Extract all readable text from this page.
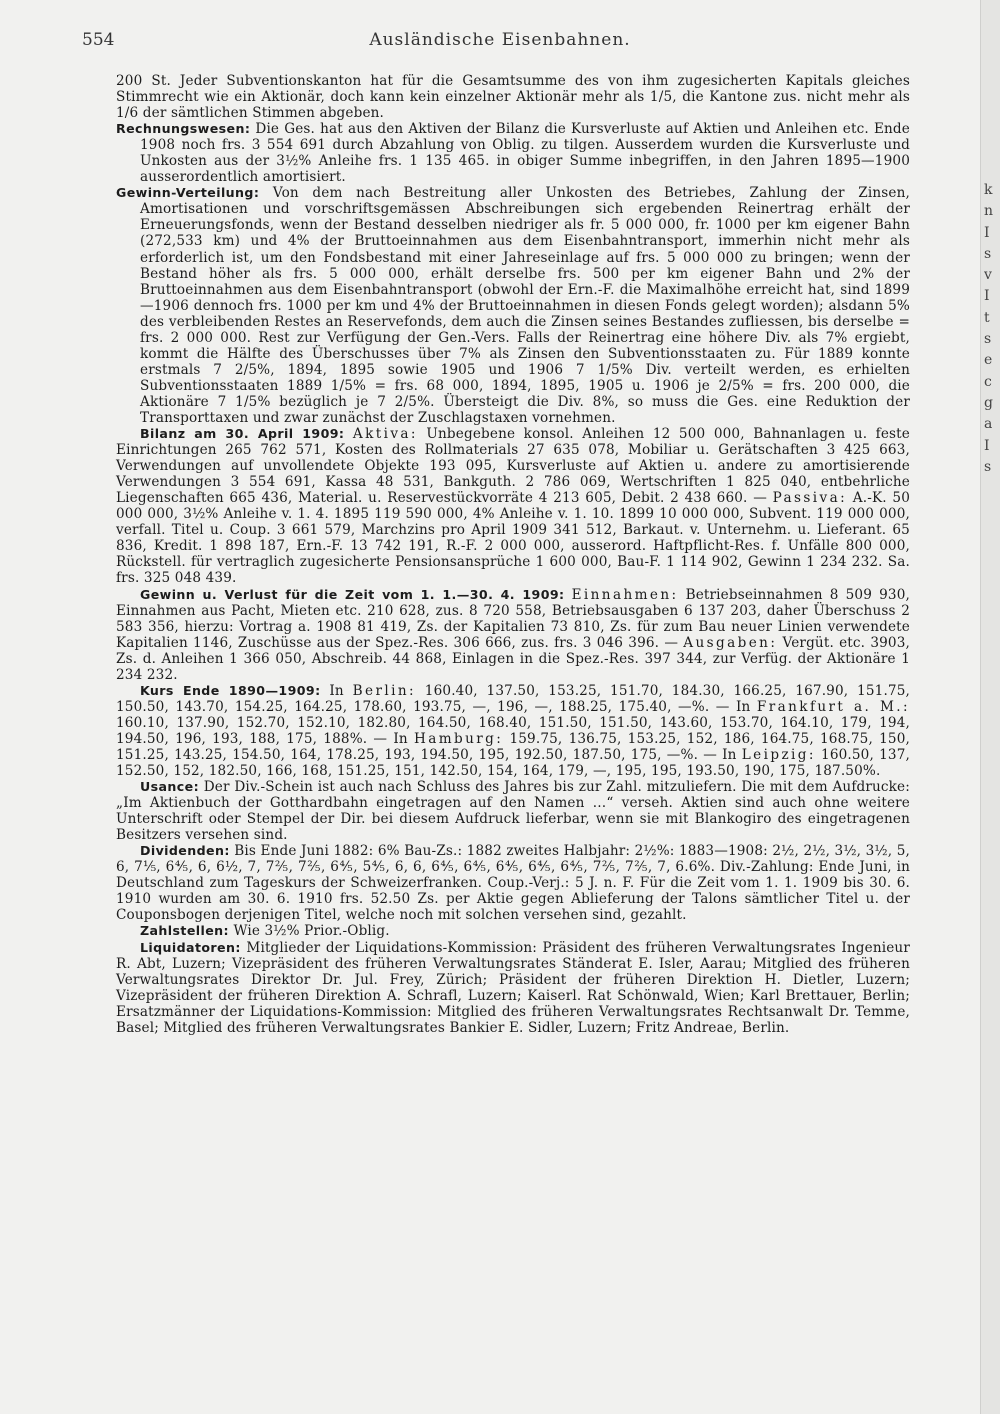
k
n
I
s
v
I
t
s
e
c
g
a
I
s
554	Ausländische Eisenbahnen.

200 St. Jeder Subventionskanton hat für die Gesamtsumme des von ihm zugesicherten Kapitals gleiches Stimmrecht wie ein Aktionär, doch kann kein einzelner Aktionär mehr als 1/5, die Kantone zus. nicht mehr als 1/6 der sämtlichen Stimmen abgeben.

Rechnungswesen: Die Ges. hat aus den Aktiven der Bilanz die Kursverluste auf Aktien und Anleihen etc. Ende 1908 noch frs. 3 554 691 durch Abzahlung von Oblig. zu tilgen. Ausserdem wurden die Kursverluste und Unkosten aus der 3½% Anleihe frs. 1 135 465. in obiger Summe inbegriffen, in den Jahren 1895—1900 ausserordentlich amortisiert.

Gewinn-Verteilung: Von dem nach Bestreitung aller Unkosten des Betriebes, Zahlung der Zinsen, Amortisationen und vorschriftsgemässen Abschreibungen sich ergebenden Reinertrag erhält der Erneuerungsfonds, wenn der Bestand desselben niedriger als fr. 5 000 000, fr. 1000 per km eigener Bahn (272,533 km) und 4% der Bruttoeinnahmen aus dem Eisenbahntransport, immerhin nicht mehr als erforderlich ist, um den Fondsbestand mit einer Jahreseinlage auf frs. 5 000 000 zu bringen; wenn der Bestand höher als frs. 5 000 000, erhält derselbe frs. 500 per km eigener Bahn und 2% der Bruttoeinnahmen aus dem Eisenbahntransport (obwohl der Ern.-F. die Maximalhöhe erreicht hat, sind 1899—1906 dennoch frs. 1000 per km und 4% der Bruttoeinnahmen in diesen Fonds gelegt worden); alsdann 5% des verbleibenden Restes an Reservefonds, dem auch die Zinsen seines Bestandes zufliessen, bis derselbe = frs. 2 000 000. Rest zur Verfügung der Gen.-Vers. Falls der Reinertrag eine höhere Div. als 7% ergiebt, kommt die Hälfte des Überschusses über 7% als Zinsen den Subventionsstaaten zu. Für 1889 konnte erstmals 7 2/5%, 1894, 1895 sowie 1905 und 1906 7 1/5% Div. verteilt werden, es erhielten Subventionsstaaten 1889 1/5% = frs. 68 000, 1894, 1895, 1905 u. 1906 je 2/5% = frs. 200 000, die Aktionäre 7 1/5% bezüglich je 7 2/5%. Übersteigt die Div. 8%, so muss die Ges. eine Reduktion der Transporttaxen und zwar zunächst der Zuschlagstaxen vornehmen.

Bilanz am 30. April 1909: Aktiva: Unbegebene konsol. Anleihen 12 500 000, Bahnanlagen u. feste Einrichtungen 265 762 571, Kosten des Rollmaterials 27 635 078, Mobiliar u. Gerätschaften 3 425 663, Verwendungen auf unvollendete Objekte 193 095, Kursverluste auf Aktien u. andere zu amortisierende Verwendungen 3 554 691, Kassa 48 531, Bankguth. 2 786 069, Wertschriften 1 825 040, entbehrliche Liegenschaften 665 436, Material. u. Reservestückvorräte 4 213 605, Debit. 2 438 660. — Passiva: A.-K. 50 000 000, 3½% Anleihe v. 1. 4. 1895 119 590 000, 4% Anleihe v. 1. 10. 1899 10 000 000, Subvent. 119 000 000, verfall. Titel u. Coup. 3 661 579, Marchzins pro April 1909 341 512, Barkaut. v. Unternehm. u. Lieferant. 65 836, Kredit. 1 898 187, Ern.-F. 13 742 191, R.-F. 2 000 000, ausserord. Haftpflicht-Res. f. Unfälle 800 000, Rückstell. für vertraglich zugesicherte Pensionsansprüche 1 600 000, Bau-F. 1 114 902, Gewinn 1 234 232. Sa. frs. 325 048 439.

Gewinn u. Verlust für die Zeit vom 1. 1.—30. 4. 1909: Einnahmen: Betriebseinnahmen 8 509 930, Einnahmen aus Pacht, Mieten etc. 210 628, zus. 8 720 558, Betriebsausgaben 6 137 203, daher Überschuss 2 583 356, hierzu: Vortrag a. 1908 81 419, Zs. der Kapitalien 73 810, Zs. für zum Bau neuer Linien verwendete Kapitalien 1146, Zuschüsse aus der Spez.-Res. 306 666, zus. frs. 3 046 396. — Ausgaben: Vergüt. etc. 3903, Zs. d. Anleihen 1 366 050, Abschreib. 44 868, Einlagen in die Spez.-Res. 397 344, zur Verfüg. der Aktionäre 1 234 232.

Kurs Ende 1890—1909: In Berlin: 160.40, 137.50, 153.25, 151.70, 184.30, 166.25, 167.90, 151.75, 150.50, 143.70, 154.25, 164.25, 178.60, 193.75, —, 196, —, 188.25, 175.40, —%. — In Frankfurt a. M.: 160.10, 137.90, 152.70, 152.10, 182.80, 164.50, 168.40, 151.50, 151.50, 143.60, 153.70, 164.10, 179, 194, 194.50, 196, 193, 188, 175, 188%. — In Hamburg: 159.75, 136.75, 153.25, 152, 186, 164.75, 168.75, 150, 151.25, 143.25, 154.50, 164, 178.25, 193, 194.50, 195, 192.50, 187.50, 175, —%. — In Leipzig: 160.50, 137, 152.50, 152, 182.50, 166, 168, 151.25, 151, 142.50, 154, 164, 179, —, 195, 195, 193.50, 190, 175, 187.50%.

Usance: Der Div.-Schein ist auch nach Schluss des Jahres bis zur Zahl. mitzuliefern. Die mit dem Aufdrucke: „Im Aktienbuch der Gotthardbahn eingetragen auf den Namen …“ verseh. Aktien sind auch ohne weitere Unterschrift oder Stempel der Dir. bei diesem Aufdruck lieferbar, wenn sie mit Blankogiro des eingetragenen Besitzers versehen sind.

Dividenden: Bis Ende Juni 1882: 6% Bau-Zs.: 1882 zweites Halbjahr: 2½%: 1883—1908: 2½, 2½, 3½, 3½, 5, 6, 7⅕, 6⅘, 6, 6½, 7, 7⅖, 7⅖, 6⅘, 5⅘, 6, 6, 6⅘, 6⅘, 6⅘, 6⅘, 6⅘, 7⅖, 7⅖, 7, 6.6%. Div.-Zahlung: Ende Juni, in Deutschland zum Tageskurs der Schweizerfranken. Coup.-Verj.: 5 J. n. F. Für die Zeit vom 1. 1. 1909 bis 30. 6. 1910 wurden am 30. 6. 1910 frs. 52.50 Zs. per Aktie gegen Ablieferung der Talons sämtlicher Titel u. der Couponsbogen derjenigen Titel, welche noch mit solchen versehen sind, gezahlt.

Zahlstellen: Wie 3½% Prior.-Oblig.

Liquidatoren: Mitglieder der Liquidations-Kommission: Präsident des früheren Verwaltungsrates Ingenieur R. Abt, Luzern; Vizepräsident des früheren Verwaltungsrates Ständerat E. Isler, Aarau; Mitglied des früheren Verwaltungsrates Direktor Dr. Jul. Frey, Zürich; Präsident der früheren Direktion H. Dietler, Luzern; Vizepräsident der früheren Direktion A. Schrafl, Luzern; Kaiserl. Rat Schönwald, Wien; Karl Brettauer, Berlin; Ersatzmänner der Liquidations-Kommission: Mitglied des früheren Verwaltungsrates Rechtsanwalt Dr. Temme, Basel; Mitglied des früheren Verwaltungsrates Bankier E. Sidler, Luzern; Fritz Andreae, Berlin.
